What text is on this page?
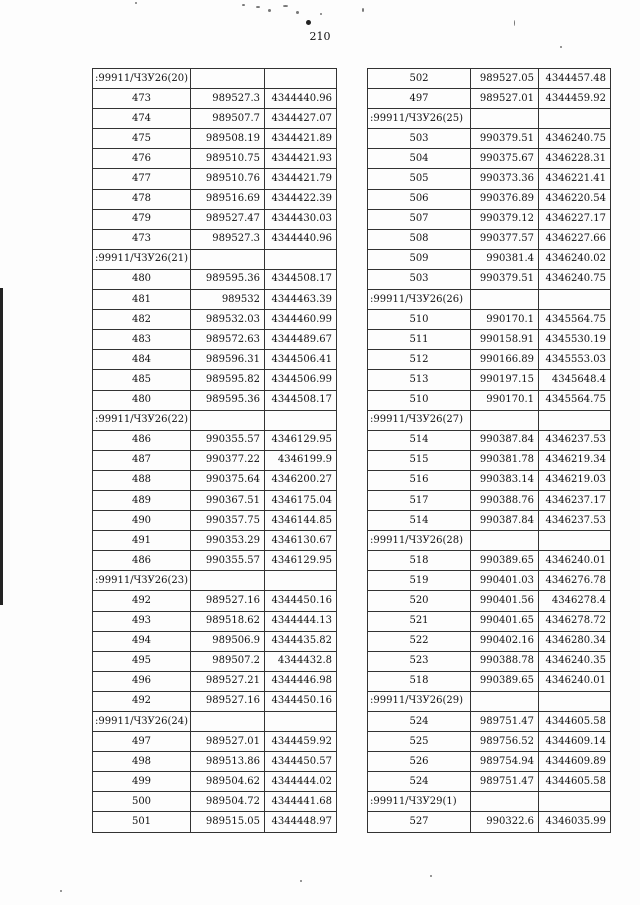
210
:99911/ЧЗУ26(20)		
473	989527.3	4344440.96
474	989507.7	4344427.07
475	989508.19	4344421.89
476	989510.75	4344421.93
477	989510.76	4344421.79
478	989516.69	4344422.39
479	989527.47	4344430.03
473	989527.3	4344440.96
:99911/ЧЗУ26(21)		
480	989595.36	4344508.17
481	989532	4344463.39
482	989532.03	4344460.99
483	989572.63	4344489.67
484	989596.31	4344506.41
485	989595.82	4344506.99
480	989595.36	4344508.17
:99911/ЧЗУ26(22)		
486	990355.57	4346129.95
487	990377.22	4346199.9
488	990375.64	4346200.27
489	990367.51	4346175.04
490	990357.75	4346144.85
491	990353.29	4346130.67
486	990355.57	4346129.95
:99911/ЧЗУ26(23)		
492	989527.16	4344450.16
493	989518.62	4344444.13
494	989506.9	4344435.82
495	989507.2	4344432.8
496	989527.21	4344446.98
492	989527.16	4344450.16
:99911/ЧЗУ26(24)		
497	989527.01	4344459.92
498	989513.86	4344450.57
499	989504.62	4344444.02
500	989504.72	4344441.68
501	989515.05	4344448.97
502	989527.05	4344457.48
497	989527.01	4344459.92
:99911/ЧЗУ26(25)		
503	990379.51	4346240.75
504	990375.67	4346228.31
505	990373.36	4346221.41
506	990376.89	4346220.54
507	990379.12	4346227.17
508	990377.57	4346227.66
509	990381.4	4346240.02
503	990379.51	4346240.75
:99911/ЧЗУ26(26)		
510	990170.1	4345564.75
511	990158.91	4345530.19
512	990166.89	4345553.03
513	990197.15	4345648.4
510	990170.1	4345564.75
:99911/ЧЗУ26(27)		
514	990387.84	4346237.53
515	990381.78	4346219.34
516	990383.14	4346219.03
517	990388.76	4346237.17
514	990387.84	4346237.53
:99911/ЧЗУ26(28)		
518	990389.65	4346240.01
519	990401.03	4346276.78
520	990401.56	4346278.4
521	990401.65	4346278.72
522	990402.16	4346280.34
523	990388.78	4346240.35
518	990389.65	4346240.01
:99911/ЧЗУ26(29)		
524	989751.47	4344605.58
525	989756.52	4344609.14
526	989754.94	4344609.89
524	989751.47	4344605.58
:99911/ЧЗУ29(1)		
527	990322.6	4346035.99
